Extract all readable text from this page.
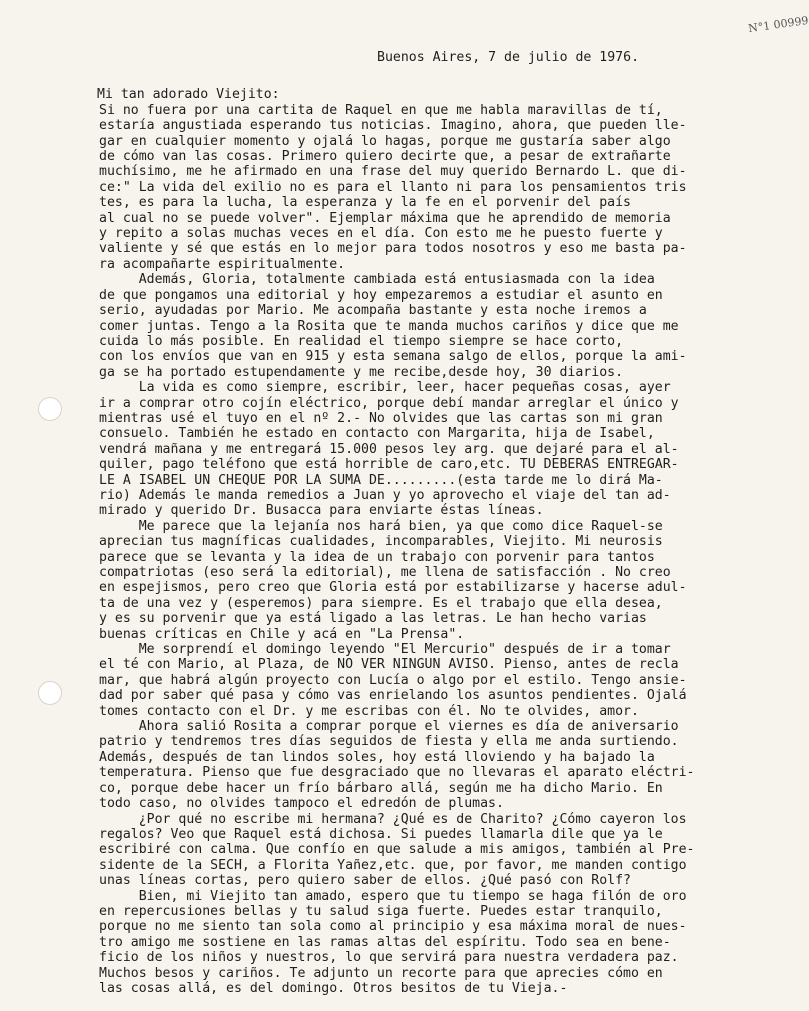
N°1 00999
Buenos Aires, 7 de julio de 1976.
Mi tan adorado Viejito:
Si no fuera por una cartita de Raquel en que me habla maravillas de tí,
estaría angustiada esperando tus noticias. Imagino, ahora, que pueden lle-
gar en cualquier momento y ojalá lo hagas, porque me gustaría saber algo
de cómo van las cosas. Primero quiero decirte que, a pesar de extrañarte
muchísimo, me he afirmado en una frase del muy querido Bernardo L. que di-
ce:" La vida del exilio no es para el llanto ni para los pensamientos tris
tes, es para la lucha, la esperanza y la fe en el porvenir del país
al cual no se puede volver". Ejemplar máxima que he aprendido de memoria
y repito a solas muchas veces en el día. Con esto me he puesto fuerte y
valiente y sé que estás en lo mejor para todos nosotros y eso me basta pa-
ra acompañarte espiritualmente.
Además, Gloria, totalmente cambiada está entusiasmada con la idea
de que pongamos una editorial y hoy empezaremos a estudiar el asunto en
serio, ayudadas por Mario. Me acompaña bastante y esta noche iremos a
comer juntas. Tengo a la Rosita que te manda muchos cariños y dice que me
cuida lo más posible. En realidad el tiempo siempre se hace corto,
con los envíos que van en 915 y esta semana salgo de ellos, porque la ami-
ga se ha portado estupendamente y me recibe,desde hoy, 30 diarios.
La vida es como siempre, escribir, leer, hacer pequeñas cosas, ayer
ir a comprar otro cojín eléctrico, porque debí mandar arreglar el único y
mientras usé el tuyo en el nº 2.- No olvides que las cartas son mi gran
consuelo. También he estado en contacto con Margarita, hija de Isabel,
vendrá mañana y me entregará 15.000 pesos ley arg. que dejaré para el al-
quiler, pago teléfono que está horrible de caro,etc. TU DEBERAS ENTREGAR-
LE A ISABEL UN CHEQUE POR LA SUMA DE.........(esta tarde me lo dirá Ma-
rio) Además le manda remedios a Juan y yo aprovecho el viaje del tan ad-
mirado y querido Dr. Busacca para enviarte éstas líneas.
Me parece que la lejanía nos hará bien, ya que como dice Raquel-se
aprecian tus magníficas cualidades, incomparables, Viejito. Mi neurosis
parece que se levanta y la idea de un trabajo con porvenir para tantos
compatriotas (eso será la editorial), me llena de satisfacción . No creo
en espejismos, pero creo que Gloria está por estabilizarse y hacerse adul-
ta de una vez y (esperemos) para siempre. Es el trabajo que ella desea,
y es su porvenir que ya está ligado a las letras. Le han hecho varias
buenas críticas en Chile y acá en "La Prensa".
Me sorprendí el domingo leyendo "El Mercurio" después de ir a tomar
el té con Mario, al Plaza, de NO VER NINGUN AVISO. Pienso, antes de recla
mar, que habrá algún proyecto con Lucía o algo por el estilo. Tengo ansie-
dad por saber qué pasa y cómo vas enrielando los asuntos pendientes. Ojalá
tomes contacto con el Dr. y me escribas con él. No te olvides, amor.
Ahora salió Rosita a comprar porque el viernes es día de aniversario
patrio y tendremos tres días seguidos de fiesta y ella me anda surtiendo.
Además, después de tan lindos soles, hoy está lloviendo y ha bajado la
temperatura. Pienso que fue desgraciado que no llevaras el aparato eléctri-
co, porque debe hacer un frío bárbaro allá, según me ha dicho Mario. En
todo caso, no olvides tampoco el edredón de plumas.
¿Por qué no escribe mi hermana? ¿Qué es de Charito? ¿Cómo cayeron los
regalos? Veo que Raquel está dichosa. Si puedes llamarla dile que ya le
escribiré con calma. Que confío en que salude a mis amigos, también al Pre-
sidente de la SECH, a Florita Yañez,etc. que, por favor, me manden contigo
unas líneas cortas, pero quiero saber de ellos. ¿Qué pasó con Rolf?
Bien, mi Viejito tan amado, espero que tu tiempo se haga filón de oro
en repercusiones bellas y tu salud siga fuerte. Puedes estar tranquilo,
porque no me siento tan sola como al principio y esa máxima moral de nues-
tro amigo me sostiene en las ramas altas del espíritu. Todo sea en bene-
ficio de los niños y nuestros, lo que servirá para nuestra verdadera paz.
Muchos besos y cariños. Te adjunto un recorte para que aprecies cómo en
las cosas allá, es del domingo. Otros besitos de tu Vieja.-
